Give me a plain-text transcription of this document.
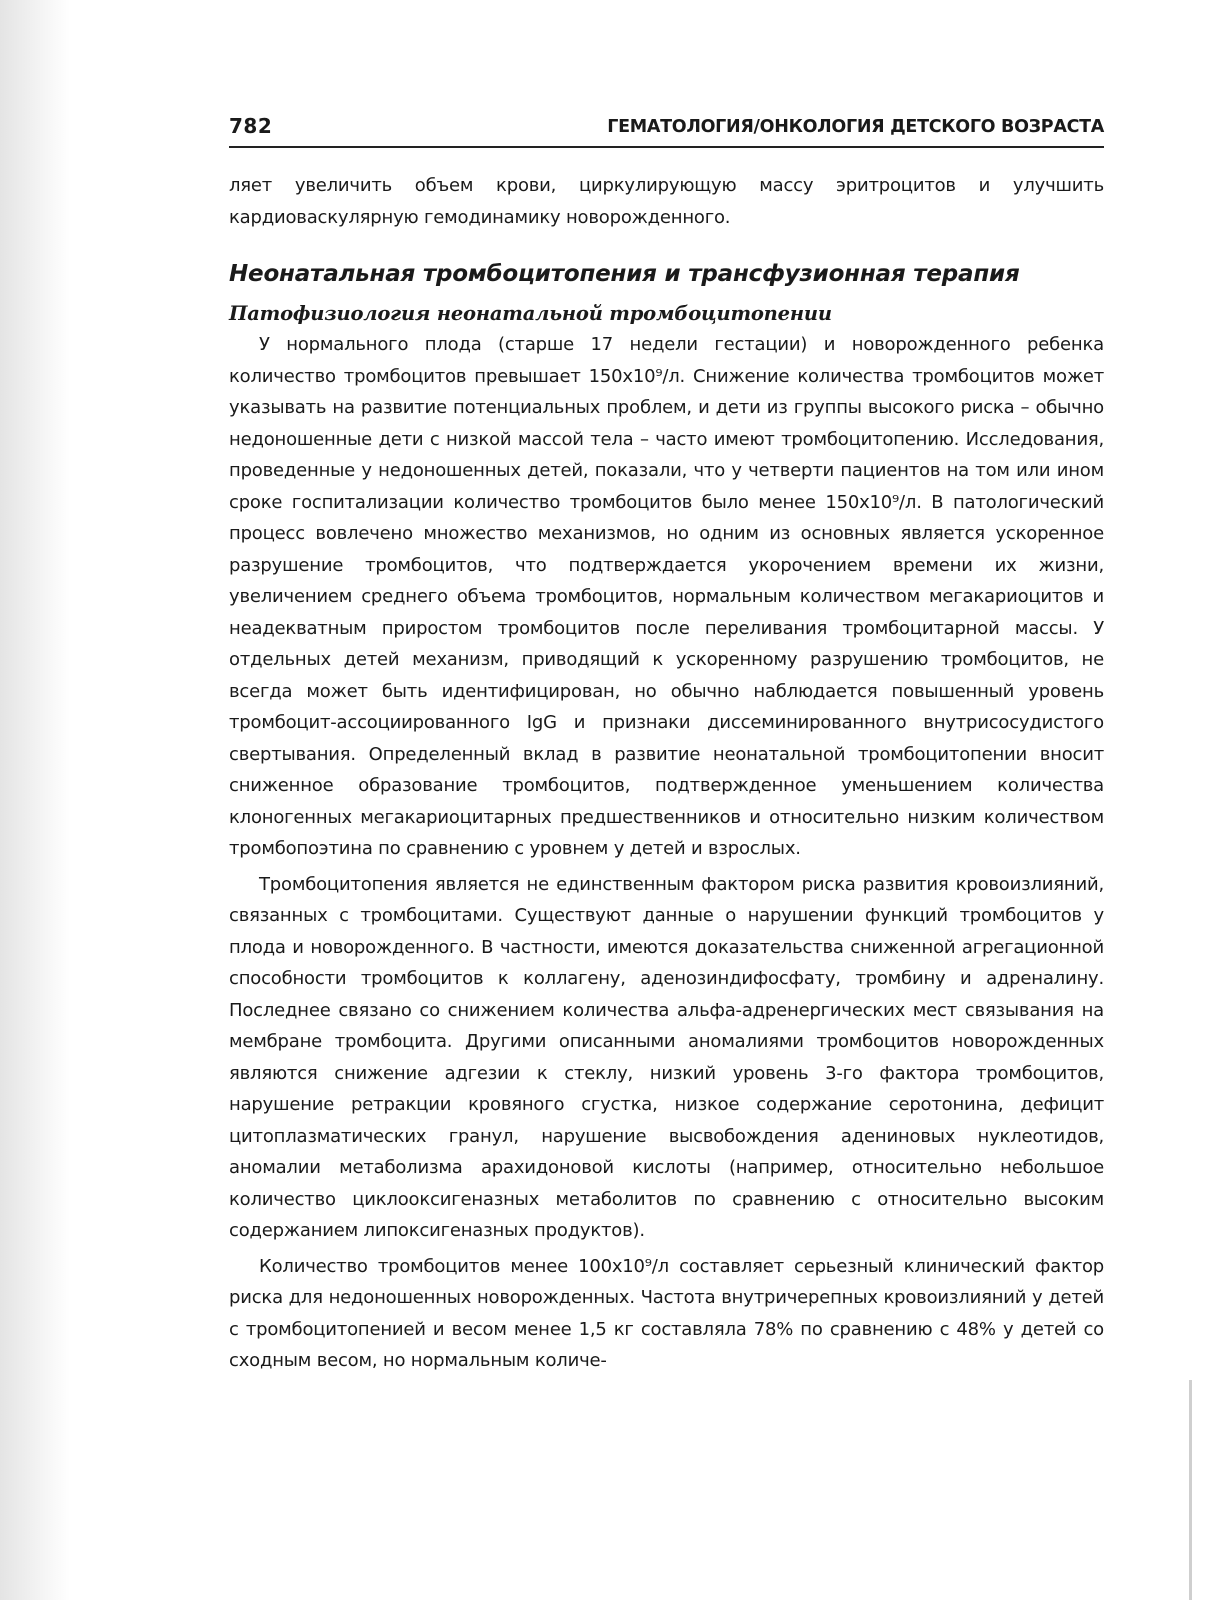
782	ГЕМАТОЛОГИЯ/ОНКОЛОГИЯ ДЕТСКОГО ВОЗРАСТА

ляет увеличить объем крови, циркулирующую массу эритроцитов и улучшить кардиоваскулярную гемодинамику новорожденного.

Неонатальная тромбоцитопения и трансфузионная терапия
Патофизиология неонатальной тромбоцитопении

У нормального плода (старше 17 недели гестации) и новорожденного ребенка количество тромбоцитов превышает 150х10⁹/л. Снижение количества тромбоцитов может указывать на развитие потенциальных проблем, и дети из группы высокого риска – обычно недоношенные дети с низкой массой тела – часто имеют тромбоцитопению. Исследования, проведенные у недоношенных детей, показали, что у четверти пациентов на том или ином сроке госпитализации количество тромбоцитов было менее 150х10⁹/л. В патологический процесс вовлечено множество механизмов, но одним из основных является ускоренное разрушение тромбоцитов, что подтверждается укорочением времени их жизни, увеличением среднего объема тромбоцитов, нормальным количеством мегакариоцитов и неадекватным приростом тромбоцитов после переливания тромбоцитарной массы. У отдельных детей механизм, приводящий к ускоренному разрушению тромбоцитов, не всегда может быть идентифицирован, но обычно наблюдается повышенный уровень тромбоцит-ассоциированного IgG и признаки диссеминированного внутрисосудистого свертывания. Определенный вклад в развитие неонатальной тромбоцитопении вносит сниженное образование тромбоцитов, подтвержденное уменьшением количества клоногенных мегакариоцитарных предшественников и относительно низким количеством тромбопоэтина по сравнению с уровнем у детей и взрослых.

Тромбоцитопения является не единственным фактором риска развития кровоизлияний, связанных с тромбоцитами. Существуют данные о нарушении функций тромбоцитов у плода и новорожденного. В частности, имеются доказательства сниженной агрегационной способности тромбоцитов к коллагену, аденозиндифосфату, тромбину и адреналину. Последнее связано со снижением количества альфа-адренергических мест связывания на мембране тромбоцита. Другими описанными аномалиями тромбоцитов новорожденных являются снижение адгезии к стеклу, низкий уровень 3-го фактора тромбоцитов, нарушение ретракции кровяного сгустка, низкое содержание серотонина, дефицит цитоплазматических гранул, нарушение высвобождения адениновых нуклеотидов, аномалии метаболизма арахидоновой кислоты (например, относительно небольшое количество циклооксигеназных метаболитов по сравнению с относительно высоким содержанием липоксигеназных продуктов).

Количество тромбоцитов менее 100х10⁹/л составляет серьезный клинический фактор риска для недоношенных новорожденных. Частота внутричерепных кровоизлияний у детей с тромбоцитопенией и весом менее 1,5 кг составляла 78% по сравнению с 48% у детей со сходным весом, но нормальным количе-
